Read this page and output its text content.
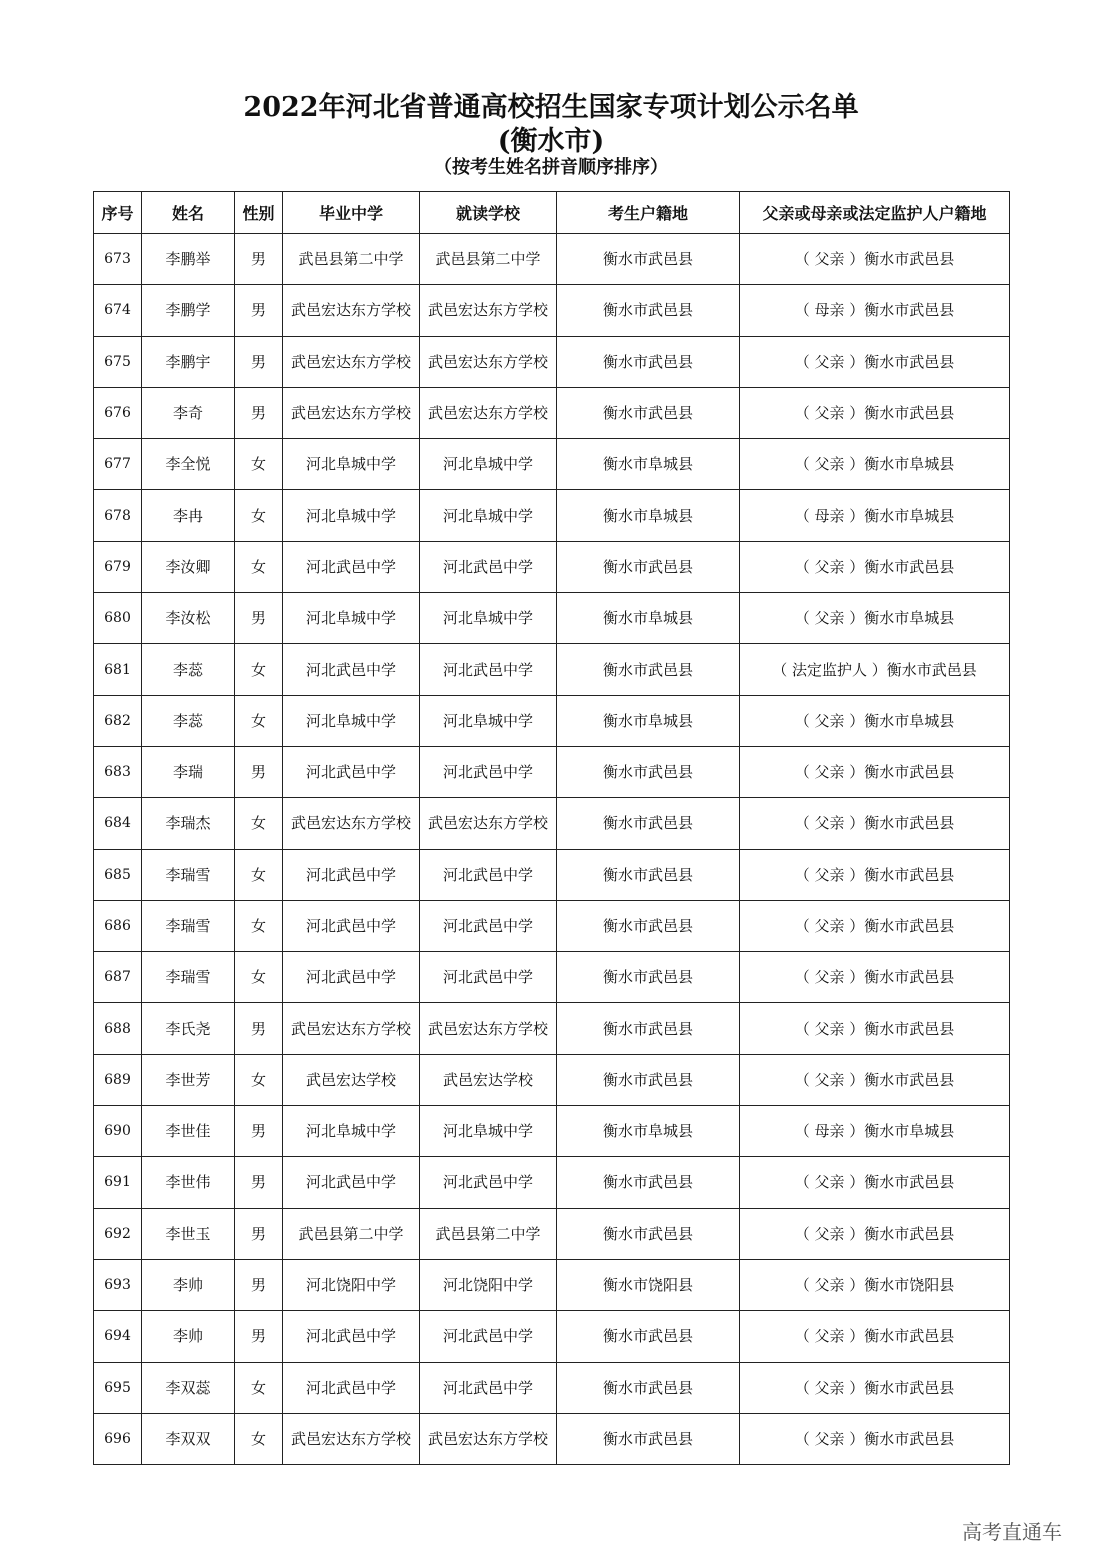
2022年河北省普通高校招生国家专项计划公示名单
(衡水市)
（按考生姓名拼音顺序排序）
序号	姓名	性别	毕业中学	就读学校	考生户籍地	父亲或母亲或法定监护人户籍地
673	李鹏举	男	武邑县第二中学	武邑县第二中学	衡水市武邑县	（ 父亲 ）衡水市武邑县
674	李鹏学	男	武邑宏达东方学校	武邑宏达东方学校	衡水市武邑县	（ 母亲 ）衡水市武邑县
675	李鹏宇	男	武邑宏达东方学校	武邑宏达东方学校	衡水市武邑县	（ 父亲 ）衡水市武邑县
676	李奇	男	武邑宏达东方学校	武邑宏达东方学校	衡水市武邑县	（ 父亲 ）衡水市武邑县
677	李全悦	女	河北阜城中学	河北阜城中学	衡水市阜城县	（ 父亲 ）衡水市阜城县
678	李冉	女	河北阜城中学	河北阜城中学	衡水市阜城县	（ 母亲 ）衡水市阜城县
679	李汝卿	女	河北武邑中学	河北武邑中学	衡水市武邑县	（ 父亲 ）衡水市武邑县
680	李汝松	男	河北阜城中学	河北阜城中学	衡水市阜城县	（ 父亲 ）衡水市阜城县
681	李蕊	女	河北武邑中学	河北武邑中学	衡水市武邑县	（ 法定监护人 ）衡水市武邑县
682	李蕊	女	河北阜城中学	河北阜城中学	衡水市阜城县	（ 父亲 ）衡水市阜城县
683	李瑞	男	河北武邑中学	河北武邑中学	衡水市武邑县	（ 父亲 ）衡水市武邑县
684	李瑞杰	女	武邑宏达东方学校	武邑宏达东方学校	衡水市武邑县	（ 父亲 ）衡水市武邑县
685	李瑞雪	女	河北武邑中学	河北武邑中学	衡水市武邑县	（ 父亲 ）衡水市武邑县
686	李瑞雪	女	河北武邑中学	河北武邑中学	衡水市武邑县	（ 父亲 ）衡水市武邑县
687	李瑞雪	女	河北武邑中学	河北武邑中学	衡水市武邑县	（ 父亲 ）衡水市武邑县
688	李氏尧	男	武邑宏达东方学校	武邑宏达东方学校	衡水市武邑县	（ 父亲 ）衡水市武邑县
689	李世芳	女	武邑宏达学校	武邑宏达学校	衡水市武邑县	（ 父亲 ）衡水市武邑县
690	李世佳	男	河北阜城中学	河北阜城中学	衡水市阜城县	（ 母亲 ）衡水市阜城县
691	李世伟	男	河北武邑中学	河北武邑中学	衡水市武邑县	（ 父亲 ）衡水市武邑县
692	李世玉	男	武邑县第二中学	武邑县第二中学	衡水市武邑县	（ 父亲 ）衡水市武邑县
693	李帅	男	河北饶阳中学	河北饶阳中学	衡水市饶阳县	（ 父亲 ）衡水市饶阳县
694	李帅	男	河北武邑中学	河北武邑中学	衡水市武邑县	（ 父亲 ）衡水市武邑县
695	李双蕊	女	河北武邑中学	河北武邑中学	衡水市武邑县	（ 父亲 ）衡水市武邑县
696	李双双	女	武邑宏达东方学校	武邑宏达东方学校	衡水市武邑县	（ 父亲 ）衡水市武邑县
高考直通车
